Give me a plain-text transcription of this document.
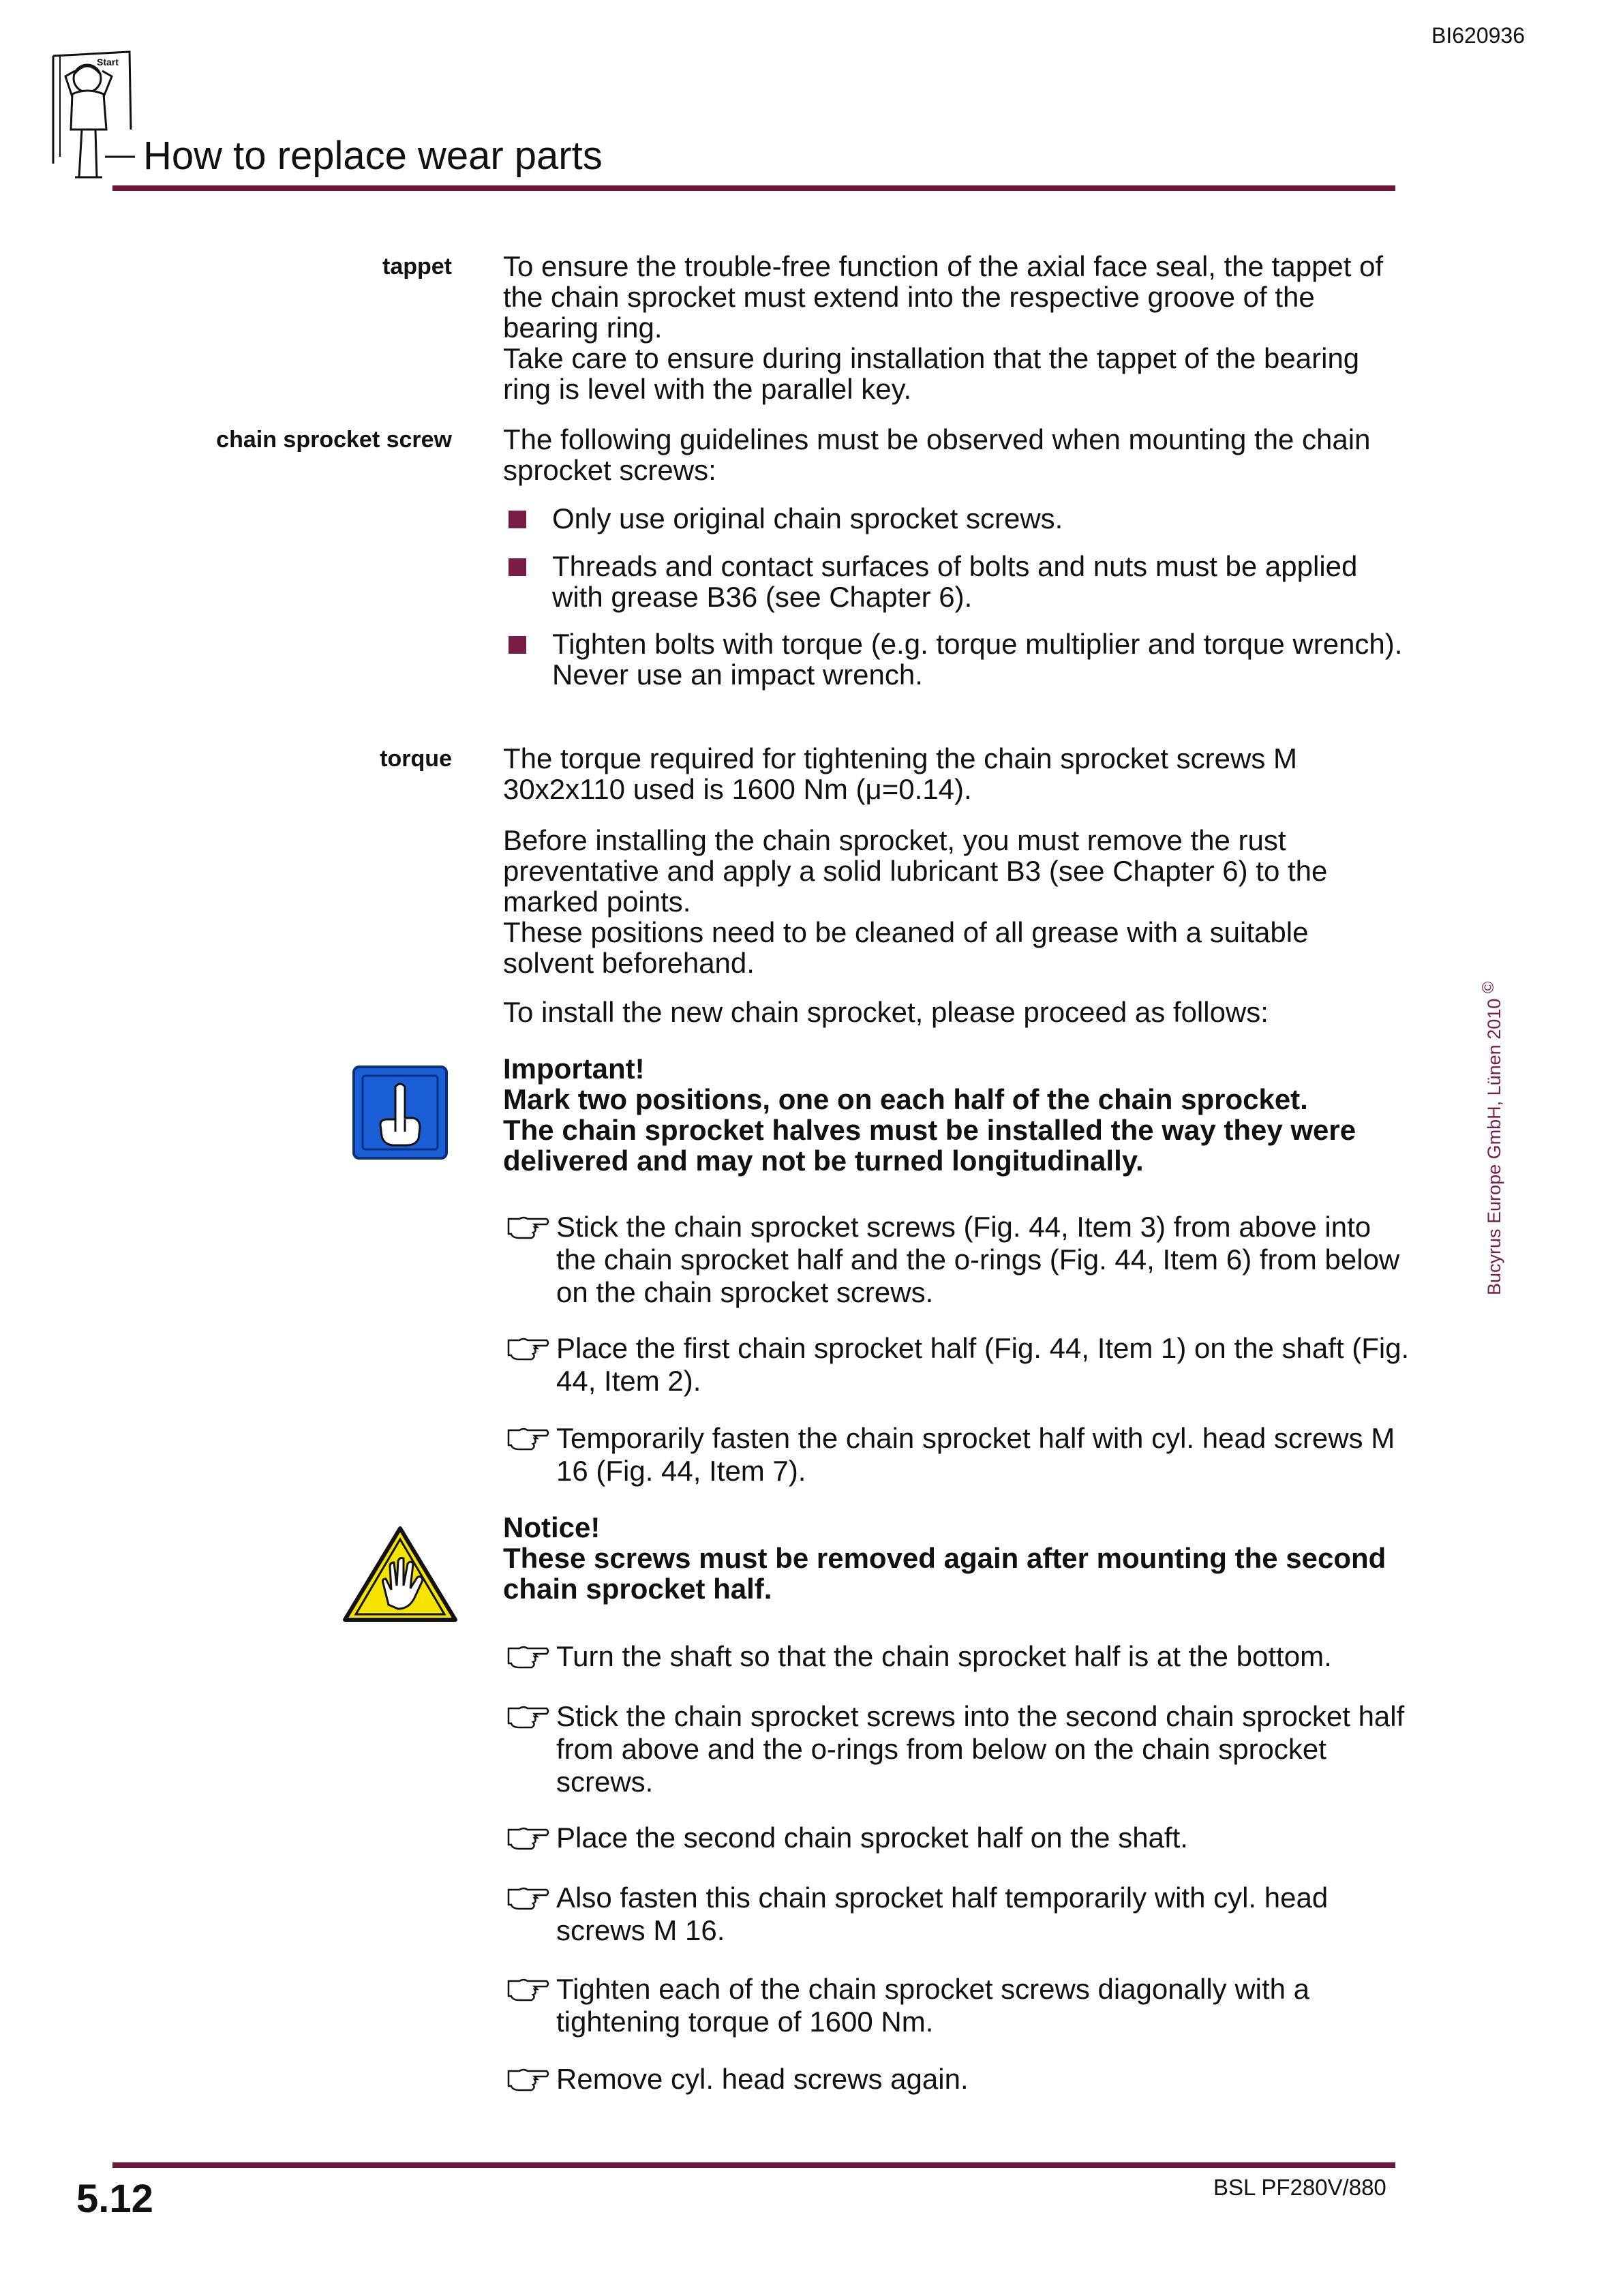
BI620936
Start
How to replace wear parts
tappet To ensure the trouble-free function of the axial face seal, the tappet of the chain sprocket must extend into the respective groove of the bearing ring.

Take care to ensure during installation that the tappet of the bearing ring is level with the parallel key.

chain sprocket screw The following guidelines must be observed when mounting the chain sprocket screws:
Only use original chain sprocket screws.
Threads and contact surfaces of bolts and nuts must be applied with grease B36 (see Chapter 6).
Tighten bolts with torque (e.g. torque multiplier and torque wrench).
Never use an impact wrench.
torque The torque required for tightening the chain sprocket screws M 30x2x110 used is 1600 Nm (μ=0.14).

Before installing the chain sprocket, you must remove the rust preventative and apply a solid lubricant B3 (see Chapter 6) to the marked points.

These positions need to be cleaned of all grease with a suitable solvent beforehand.

To install the new chain sprocket, please proceed as follows:

Important!

Mark two positions, one on each half of the chain sprocket.

The chain sprocket halves must be installed the way they were delivered and may not be turned longitudinally.

Stick the chain sprocket screws (Fig. 44, Item 3) from above into the chain sprocket half and the o-rings (Fig. 44, Item 6) from below on the chain sprocket screws.
Place the first chain sprocket half (Fig. 44, Item 1) on the shaft (Fig. 44, Item 2).
Temporarily fasten the chain sprocket half with cyl. head screws M 16 (Fig. 44, Item 7).

Notice!

These screws must be removed again after mounting the second chain sprocket half.

Turn the shaft so that the chain sprocket half is at the bottom.
Stick the chain sprocket screws into the second chain sprocket half from above and the o-rings from below on the chain sprocket screws.
Place the second chain sprocket half on the shaft.
Also fasten this chain sprocket half temporarily with cyl. head screws M 16.
Tighten each of the chain sprocket screws diagonally with a tightening torque of 1600 Nm.
Remove cyl. head screws again.
Bucyrus Europe GmbH, Lünen 2010 ©
5.12	BSL PF280V/880
